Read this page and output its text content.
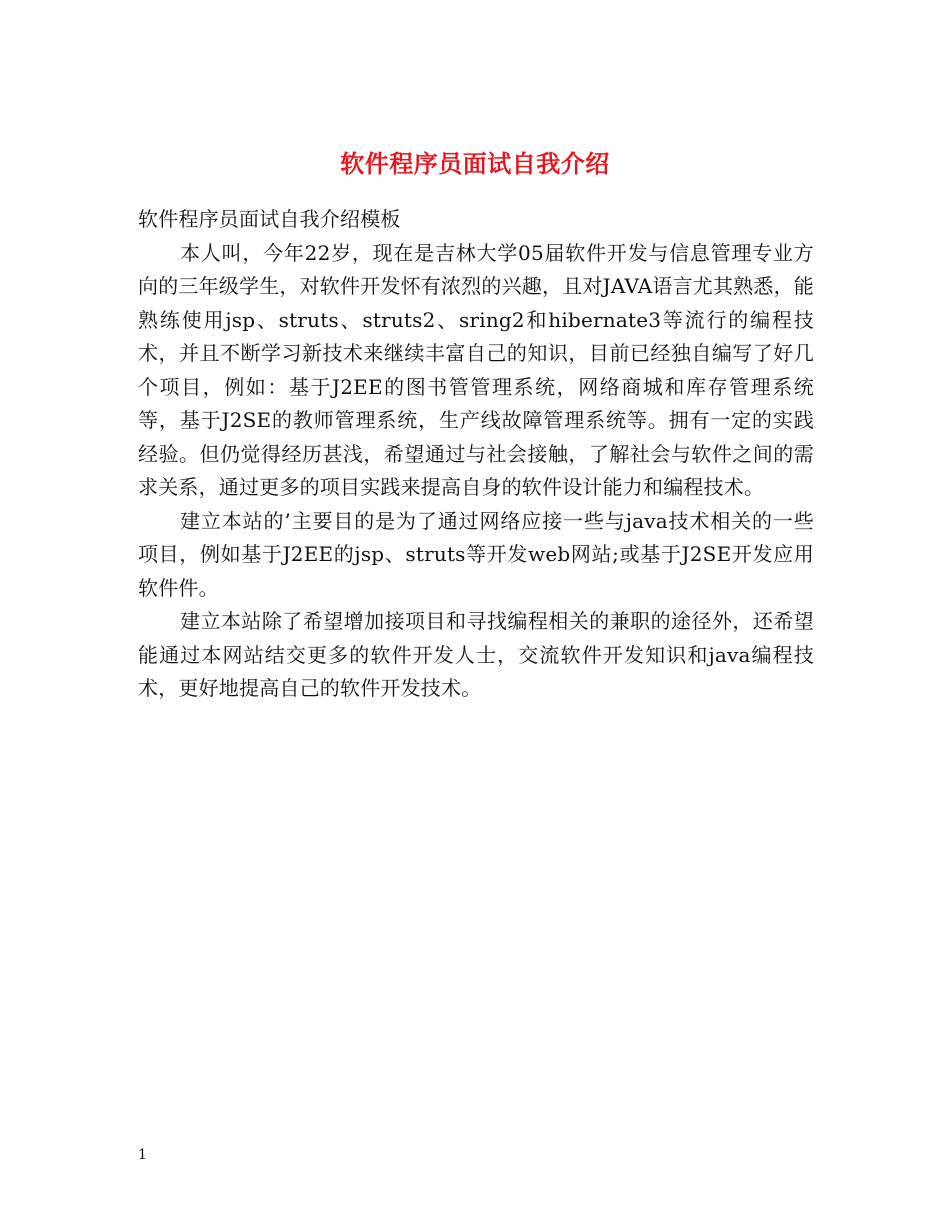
软件程序员面试自我介绍

软件程序员面试自我介绍模板

本人叫，今年22岁，现在是吉林大学05届软件开发与信息管理专业方向的三年级学生，对软件开发怀有浓烈的兴趣，且对JAVA语言尤其熟悉，能熟练使用jsp、struts、struts2、sring2和hibernate3等流行的编程技术，并且不断学习新技术来继续丰富自己的知识，目前已经独自编写了好几个项目，例如：基于J2EE的图书管管理系统，网络商城和库存管理系统等，基于J2SE的教师管理系统，生产线故障管理系统等。拥有一定的实践经验。但仍觉得经历甚浅，希望通过与社会接触，了解社会与软件之间的需求关系，通过更多的项目实践来提高自身的软件设计能力和编程技术。

建立本站的’主要目的是为了通过网络应接一些与java技术相关的一些项目，例如基于J2EE的jsp、struts等开发web网站;或基于J2SE开发应用软件件。

建立本站除了希望增加接项目和寻找编程相关的兼职的途径外，还希望能通过本网站结交更多的软件开发人士，交流软件开发知识和java编程技术，更好地提高自己的软件开发技术。

1
